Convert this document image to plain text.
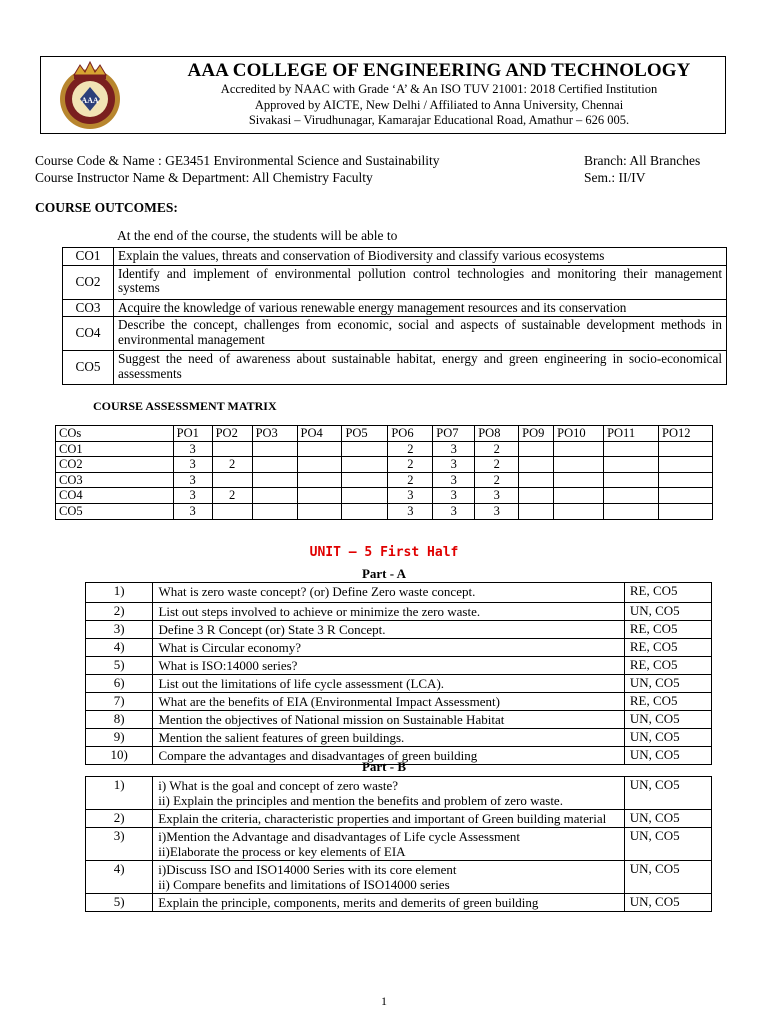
AAA
AAA COLLEGE OF ENGINEERING AND TECHNOLOGY
Accredited by NAAC with Grade ‘A’ & An ISO TUV 21001: 2018 Certified Institution
Approved by AICTE, New Delhi / Affiliated to Anna University, Chennai
Sivakasi – Virudhunagar, Kamarajar Educational Road, Amathur – 626 005.
Course Code & Name : GE3451 Environmental Science and Sustainability
Course Instructor Name & Department: All Chemistry Faculty
Branch: All Branches
Sem.: II/IV
COURSE OUTCOMES:
At the end of the course, the students will be able to
CO1	Explain the values, threats and conservation of Biodiversity and classify various ecosystems
CO2	Identify and implement of environmental pollution control technologies and monitoring their management systems
CO3	Acquire the knowledge of various renewable energy management resources and its conservation
CO4	Describe the concept, challenges from economic, social and aspects of sustainable development methods in environmental management
CO5	Suggest the need of awareness about sustainable habitat, energy and green engineering in socio-economical assessments
COURSE ASSESSMENT MATRIX
COs	PO1	PO2	PO3	PO4	PO5	PO6	PO7	PO8	PO9	PO10	PO11	PO12
CO1	3					2	3	2				
CO2	3	2				2	3	2				
CO3	3					2	3	2				
CO4	3	2				3	3	3				
CO5	3					3	3	3				
UNIT – 5 First Half
Part - A
1)	What is zero waste concept? (or) Define Zero waste concept.	RE, CO5
2)	List out steps involved to achieve or minimize the zero waste.	UN, CO5
3)	Define 3 R Concept (or) State 3 R Concept.	RE, CO5
4)	What is Circular economy?	RE, CO5
5)	What is ISO:14000 series?	RE, CO5
6)	List out the limitations of life cycle assessment (LCA).	UN, CO5
7)	What are the benefits of EIA (Environmental Impact Assessment)	RE, CO5
8)	Mention the objectives of National mission on Sustainable Habitat	UN, CO5
9)	Mention the salient features of green buildings.	UN, CO5
10)	Compare the advantages and disadvantages of green building	UN, CO5
Part - B
1)	i) What is the goal and concept of zero waste?
ii) Explain the principles and mention the benefits and problem of zero waste.	UN, CO5
2)	Explain the criteria, characteristic properties and important of Green building material	UN, CO5
3)	i)Mention the Advantage and disadvantages of Life cycle Assessment
ii)Elaborate the process or key elements of EIA	UN, CO5
4)	i)Discuss ISO and ISO14000 Series with its core element
ii) Compare benefits and limitations of ISO14000 series	UN, CO5
5)	Explain the principle, components, merits and demerits of green building	UN, CO5
1
